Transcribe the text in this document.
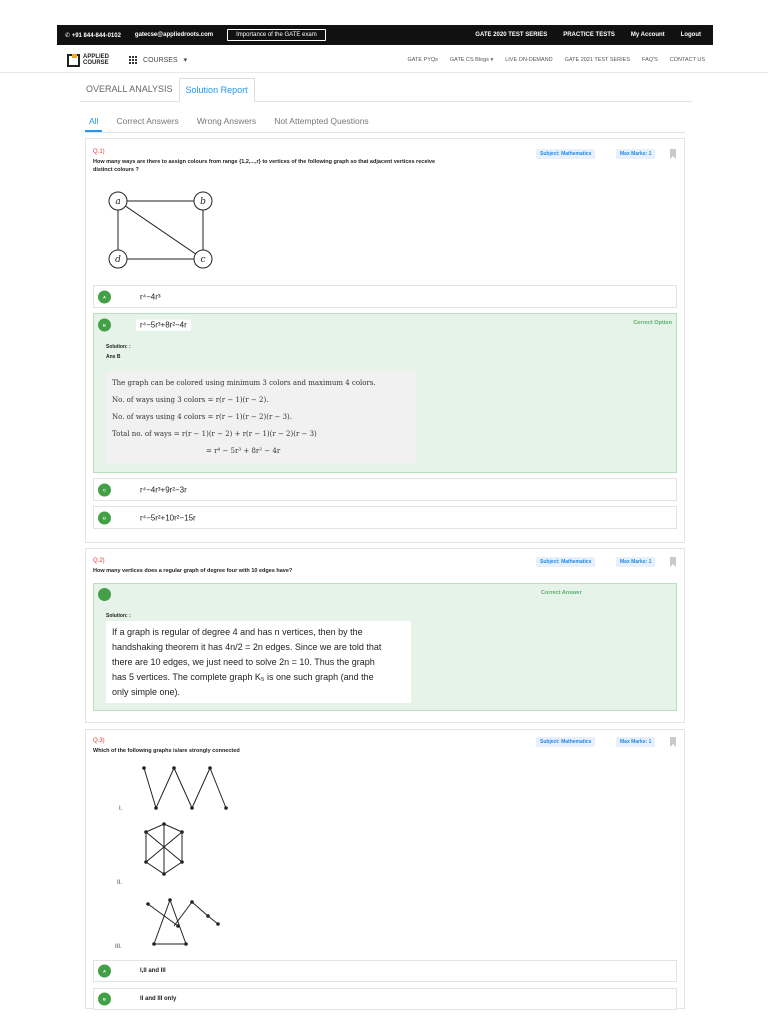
✆ +91 844-844-0102 gatecse@appliedroots.com	Importance of the GATE exam	GATE 2020 TEST SERIES	PRACTICE TESTS	My Account	Logout
APPLIED
COURSE	COURSES ▾	GATE PYQs GATE CS Blogs ▾ LIVE ON-DEMAND GATE 2021 TEST SERIES FAQ'S CONTACT US
OVERALL ANALYSIS	Solution Report
All	Correct Answers	Wrong Answers	Not Attempted Questions
Q.1)
How many ways are there to assign colours from range {1,2,...,r} to vertices of the following graph so that adjacent vertices receive
distinct colours ?
Subject: Mathematics	Max Marks: 1
a	b
c
d
A	r⁴−4r³
B	r⁴−5r³+8r²−4r	Correct Option
Solution: :
Ans B
The graph can be colored using minimum 3 colors and maximum 4 colors.
No. of ways using 3 colors = r(r − 1)(r − 2).
No. of ways using 4 colors = r(r − 1)(r − 2)(r − 3).
Total no. of ways = r(r − 1)(r − 2) + r(r − 1)(r − 2)(r − 3)
= r⁴ − 5r³ + 8r² − 4r
C	r⁴−4r³+9r²−3r
D	r⁴−5r²+10r²−15r
Q.2)
How many vertices does a regular graph of degree four with 10 edges have?
Subject: Mathematics	Max Marks: 1
Correct Answer
Solution: :
If a graph is regular of degree 4 and has n vertices, then by the
handshaking theorem it has 4n/2 = 2n edges. Since we are told that
there are 10 edges, we just need to solve 2n = 10. Thus the graph
has 5 vertices. The complete graph K₅ is one such graph (and the
only simple one).
Q.3)
Which of the following graphs is/are strongly connected
Subject: Mathematics	Max Marks: 1
I.
II.
III.
A	I,II and III
B	II and III only
